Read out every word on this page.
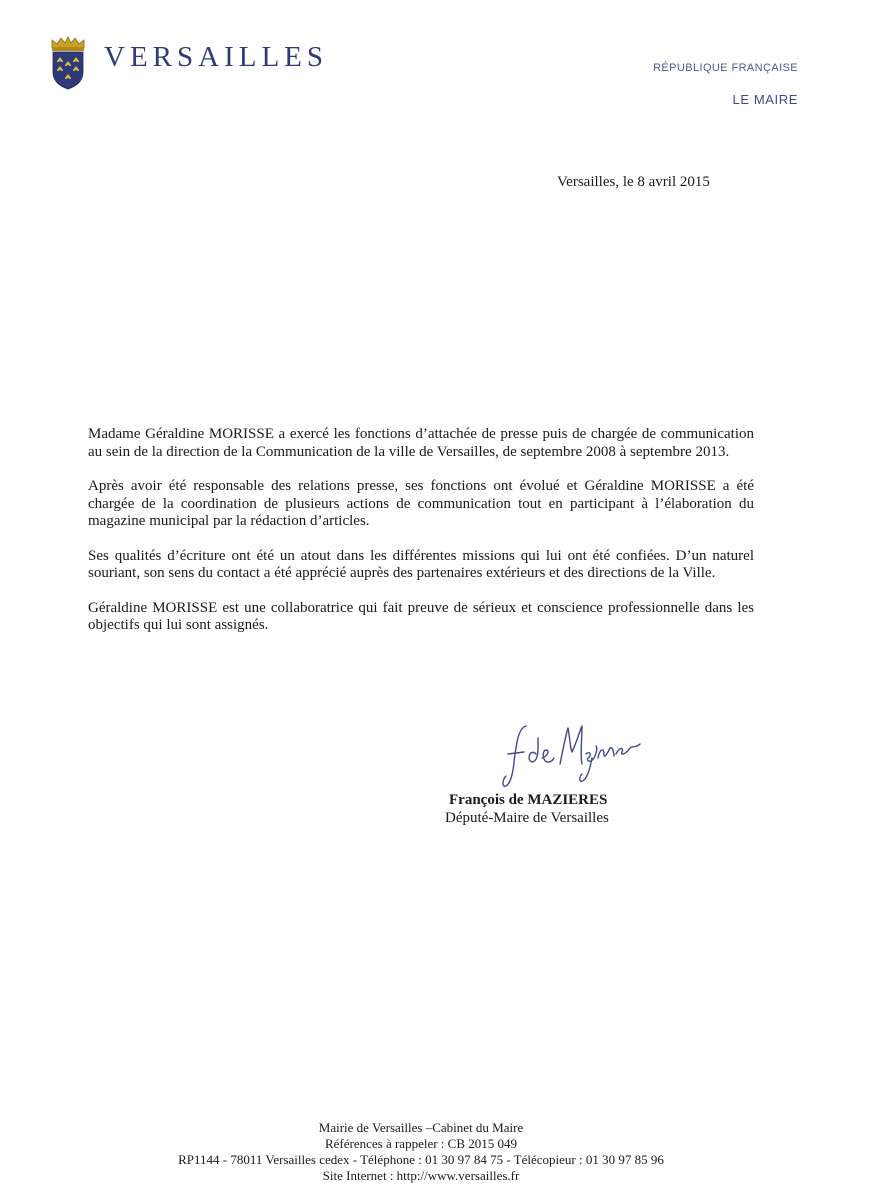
VERSAILLES	RÉPUBLIQUE FRANÇAISE
LE MAIRE
Versailles, le 8 avril 2015

Madame Géraldine MORISSE a exercé les fonctions d’attachée de presse puis de chargée de communication au sein de la direction de la Communication de la ville de Versailles, de septembre 2008 à septembre 2013.

Après avoir été responsable des relations presse, ses fonctions ont évolué et Géraldine MORISSE a été chargée de la coordination de plusieurs actions de communication tout en participant à l’élaboration du magazine municipal par la rédaction d’articles.

Ses qualités d’écriture ont été un atout dans les différentes missions qui lui ont été confiées. D’un naturel souriant, son sens du contact a été apprécié auprès des partenaires extérieurs et des directions de la Ville.

Géraldine MORISSE est une collaboratrice qui fait preuve de sérieux et conscience professionnelle dans les objectifs qui lui sont assignés.

François de MAZIERES
Député-Maire de Versailles
Mairie de Versailles –Cabinet du Maire
Références à rappeler : CB 2015 049
RP1144 - 78011 Versailles cedex - Téléphone : 01 30 97 84 75 - Télécopieur : 01 30 97 85 96
Site Internet : http://www.versailles.fr
